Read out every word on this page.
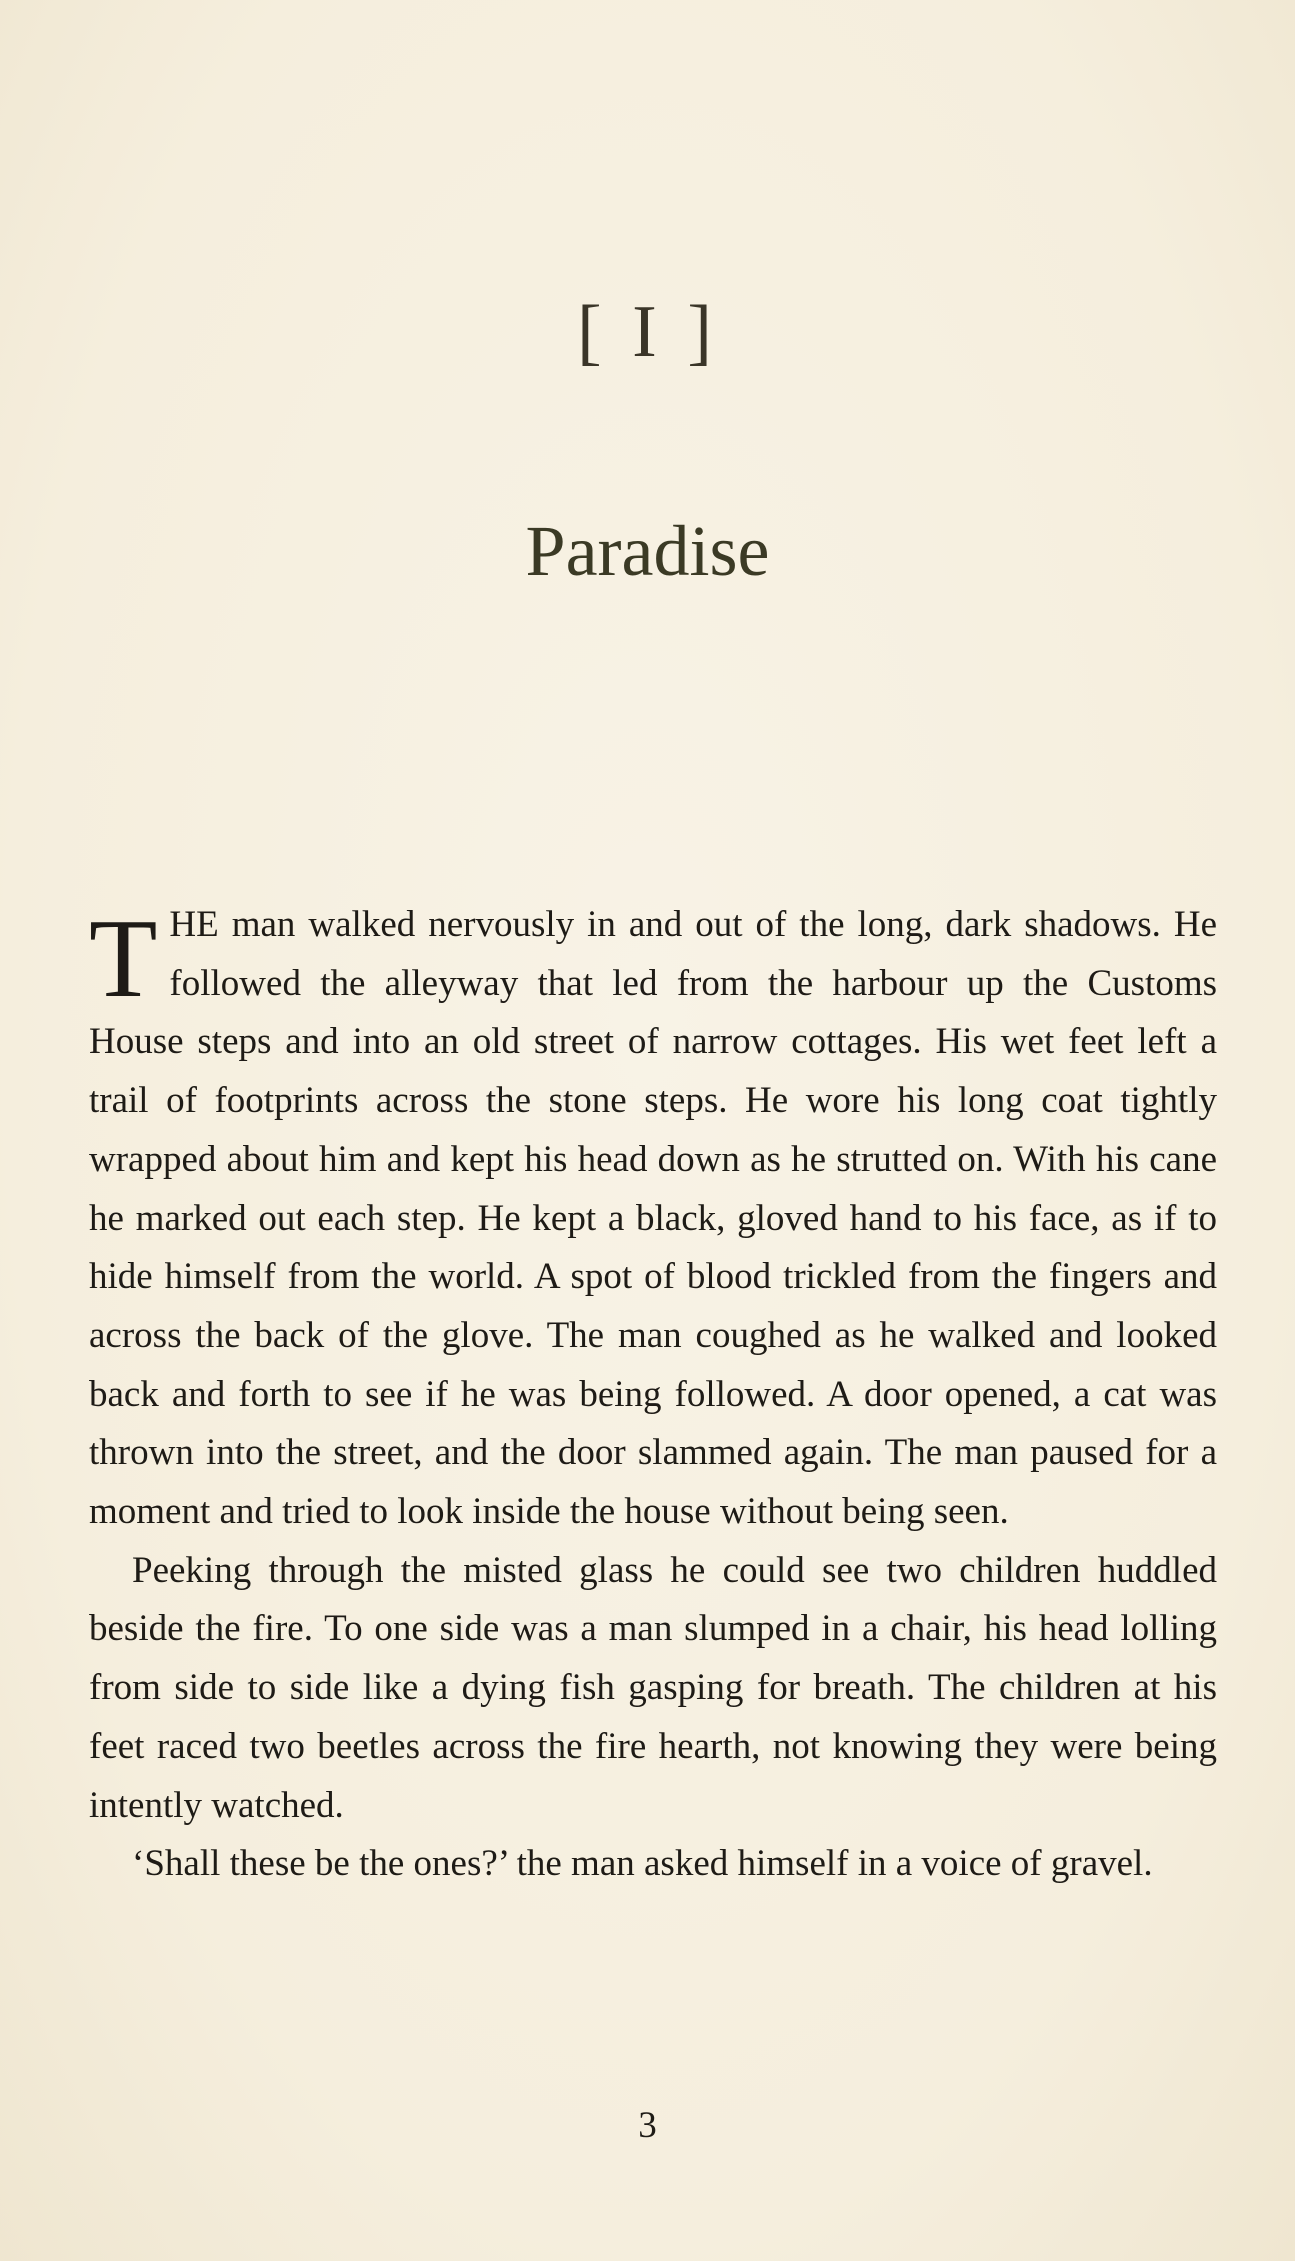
[ I ]
Paradise

THE man walked nervously in and out of the long, dark shadows. He followed the alleyway that led from the harbour up the Customs House steps and into an old street of narrow cottages. His wet feet left a trail of footprints across the stone steps. He wore his long coat tightly wrapped about him and kept his head down as he strutted on. With his cane he marked out each step. He kept a black, gloved hand to his face, as if to hide himself from the world. A spot of blood trickled from the fingers and across the back of the glove. The man coughed as he walked and looked back and forth to see if he was being followed. A door opened, a cat was thrown into the street, and the door slammed again. The man paused for a moment and tried to look inside the house without being seen.

Peeking through the misted glass he could see two children huddled beside the fire. To one side was a man slumped in a chair, his head lolling from side to side like a dying fish gasping for breath. The children at his feet raced two beetles across the fire hearth, not knowing they were being intently watched.

‘Shall these be the ones?’ the man asked himself in a voice of gravel.

3
